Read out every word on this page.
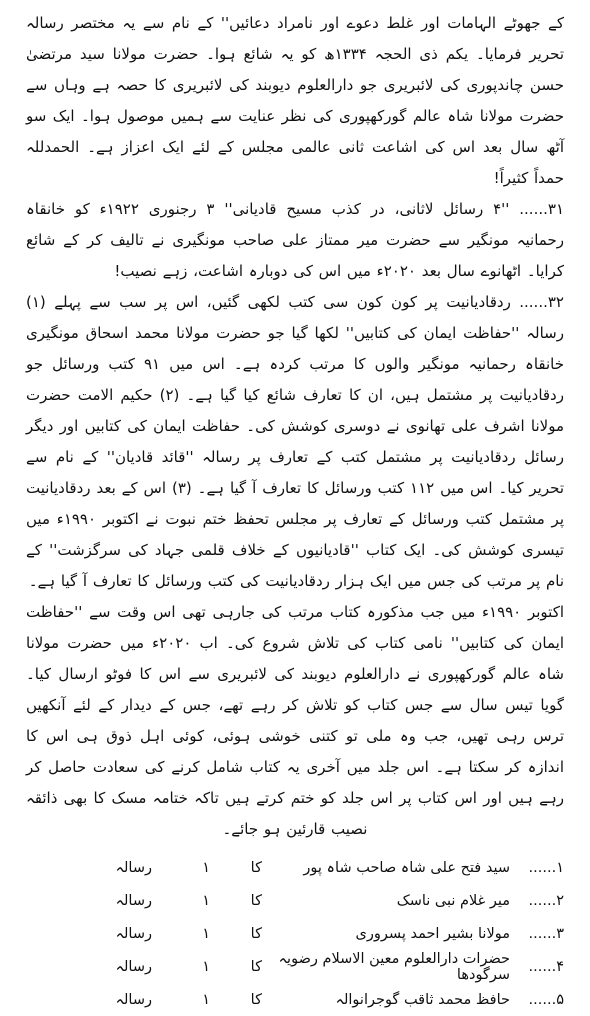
کے جھوٹے الہامات اور غلط دعوے اور نامراد دعائیں'' کے نام سے یہ مختصر رسالہ تحریر فرمایا۔ یکم ذی الحجہ ۱۳۳۴ھ کو یہ شائع ہوا۔ حضرت مولانا سید مرتضیٰ حسن چاندپوری کی لائبریری جو دارالعلوم دیوبند کی لائبریری کا حصہ ہے وہاں سے حضرت مولانا شاہ عالم گورکھپوری کی نظر عنایت سے ہمیں موصول ہوا۔ ایک سو آٹھ سال بعد اس کی اشاعت ثانی عالمی مجلس کے لئے ایک اعزاز ہے۔ الحمدللہ حمداً کثیراً!

۳۱...... ''۴ رسائل لاثانی، در کذب مسیح قادیانی'' ۳ رجنوری ۱۹۲۲ء کو خانقاہ رحمانیہ مونگیر سے حضرت میر ممتاز علی صاحب مونگیری نے تالیف کر کے شائع کرایا۔ اٹھانوے سال بعد ۲۰۲۰ء میں اس کی دوبارہ اشاعت، زہے نصیب!

۳۲...... ردقادیانیت پر کون کون سی کتب لکھی گئیں، اس پر سب سے پہلے (۱) رسالہ ''حفاظت ایمان کی کتابیں'' لکھا گیا جو حضرت مولانا محمد اسحاق مونگیری خانقاہ رحمانیہ مونگیر والوں کا مرتب کردہ ہے۔ اس میں ۹۱ کتب ورسائل جو ردقادیانیت پر مشتمل ہیں، ان کا تعارف شائع کیا گیا ہے۔ (۲) حکیم الامت حضرت مولانا اشرف علی تھانوی نے دوسری کوشش کی۔ حفاظت ایمان کی کتابیں اور دیگر رسائل ردقادیانیت پر مشتمل کتب کے تعارف پر رسالہ ''قائد قادیان'' کے نام سے تحریر کیا۔ اس میں ۱۱۲ کتب ورسائل کا تعارف آ گیا ہے۔ (۳) اس کے بعد ردقادیانیت پر مشتمل کتب ورسائل کے تعارف پر مجلس تحفظ ختم نبوت نے اکتوبر ۱۹۹۰ء میں تیسری کوشش کی۔ ایک کتاب ''قادیانیوں کے خلاف قلمی جہاد کی سرگزشت'' کے نام پر مرتب کی جس میں ایک ہزار ردقادیانیت کی کتب ورسائل کا تعارف آ گیا ہے۔

اکتوبر ۱۹۹۰ء میں جب مذکورہ کتاب مرتب کی جارہی تھی اس وقت سے ''حفاظت ایمان کی کتابیں'' نامی کتاب کی تلاش شروع کی۔ اب ۲۰۲۰ء میں حضرت مولانا شاہ عالم گورکھپوری نے دارالعلوم دیوبند کی لائبریری سے اس کا فوٹو ارسال کیا۔ گویا تیس سال سے جس کتاب کو تلاش کر رہے تھے، جس کے دیدار کے لئے آنکھیں ترس رہی تھیں، جب وہ ملی تو کتنی خوشی ہوئی، کوئی اہل ذوق ہی اس کا اندازہ کر سکتا ہے۔ اس جلد میں آخری یہ کتاب شامل کرنے کی سعادت حاصل کر رہے ہیں اور اس کتاب پر اس جلد کو ختم کرتے ہیں تاکہ ختامہ مسک کا بھی ذائقہ نصیب قارئین ہو جائے۔

۱......
سید فتح علی شاہ صاحب شاہ پور
کا
۱
رسالہ
۲......
میر غلام نبی ناسک
کا
۱
رسالہ
۳......
مولانا بشیر احمد پسروری
کا
۱
رسالہ
۴......
حضرات دارالعلوم معین الاسلام رضویہ سرگودھا
کا
۱
رسالہ
۵......
حافظ محمد ثاقب گوجرانوالہ
کا
۱
رسالہ
